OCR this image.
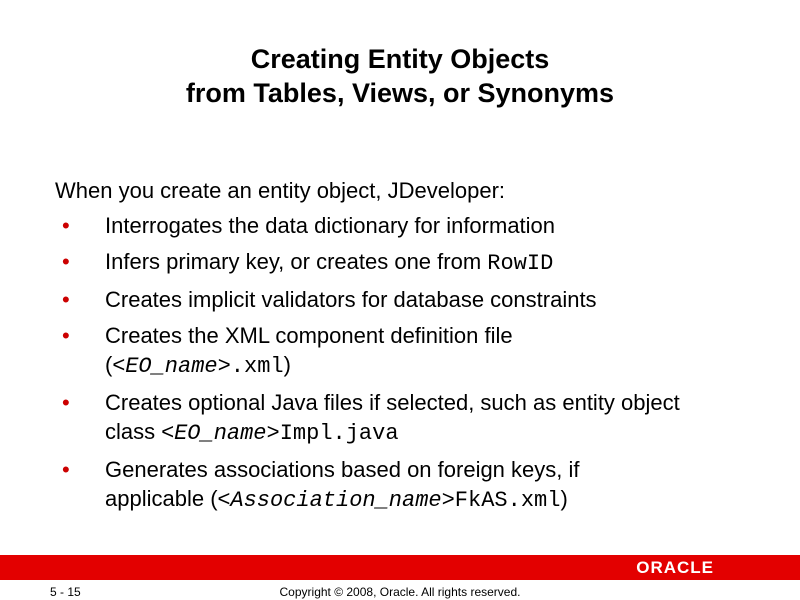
Creating Entity Objects
from Tables, Views, or Synonyms
When you create an entity object, JDeveloper:
• Interrogates the data dictionary for information
• Infers primary key, or creates one from RowID
• Creates implicit validators for database constraints
• Creates the XML component definition file
(<EO_name>.xml)
• Creates optional Java files if selected, such as entity object
class <EO_name>Impl.java
• Generates associations based on foreign keys, if
applicable (<Association_name>FkAS.xml)
ORACLE
5 - 15	Copyright © 2008, Oracle. All rights reserved.
